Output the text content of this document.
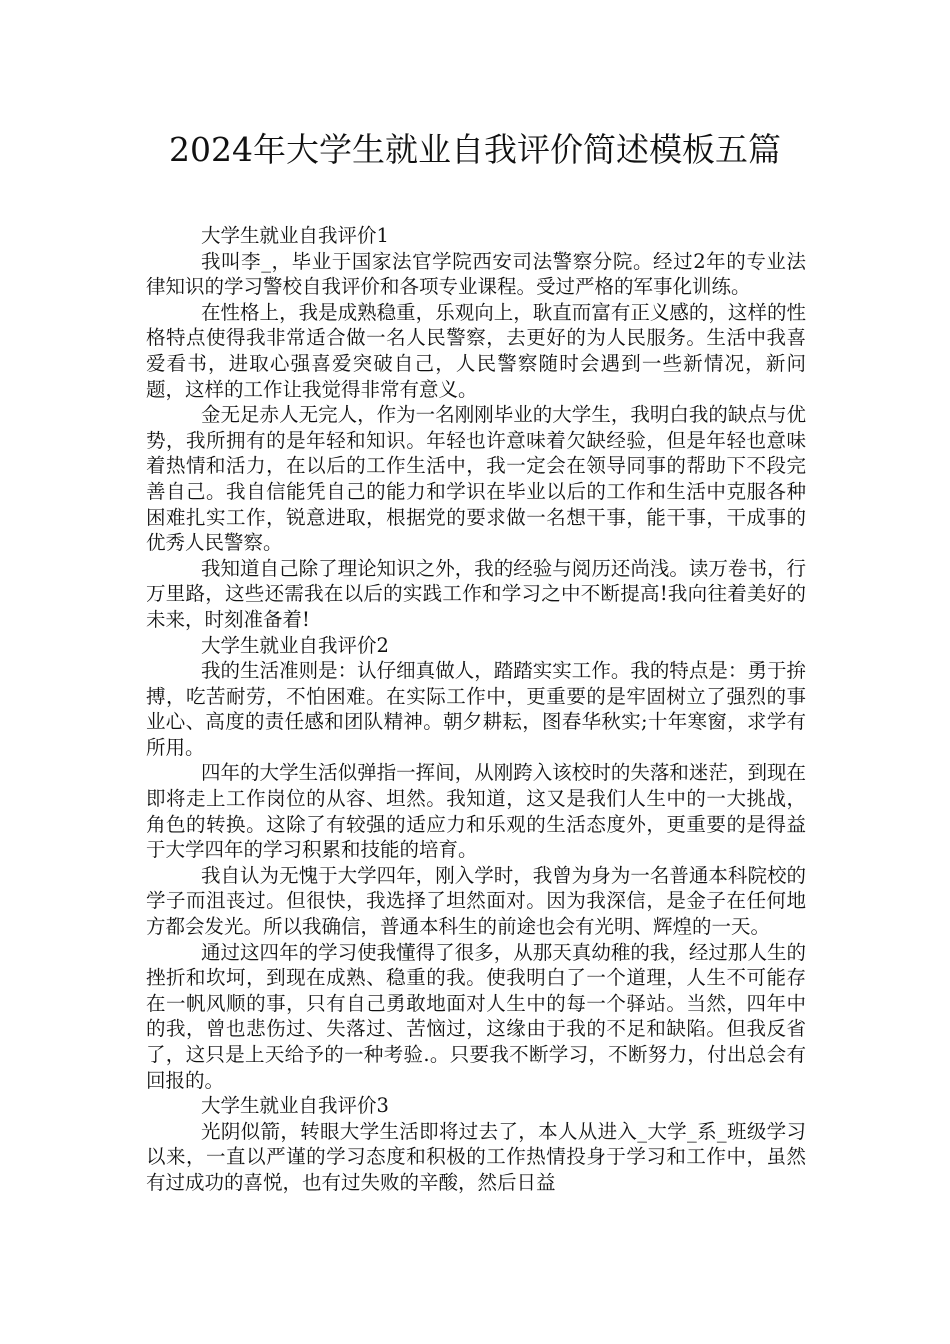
2024年大学生就业自我评价简述模板五篇

大学生就业自我评价1

我叫李_，毕业于国家法官学院西安司法警察分院。经过2年的专业法律知识的学习警校自我评价和各项专业课程。受过严格的军事化训练。

在性格上，我是成熟稳重，乐观向上，耿直而富有正义感的，这样的性格特点使得我非常适合做一名人民警察，去更好的为人民服务。生活中我喜爱看书，进取心强喜爱突破自己，人民警察随时会遇到一些新情况，新问题，这样的工作让我觉得非常有意义。

金无足赤人无完人，作为一名刚刚毕业的大学生，我明白我的缺点与优势，我所拥有的是年轻和知识。年轻也许意味着欠缺经验，但是年轻也意味着热情和活力，在以后的工作生活中，我一定会在领导同事的帮助下不段完善自己。我自信能凭自己的能力和学识在毕业以后的工作和生活中克服各种困难扎实工作，锐意进取，根据党的要求做一名想干事，能干事，干成事的优秀人民警察。

我知道自己除了理论知识之外，我的经验与阅历还尚浅。读万卷书，行万里路，这些还需我在以后的实践工作和学习之中不断提高!我向往着美好的未来，时刻准备着!

大学生就业自我评价2

我的生活准则是：认仔细真做人，踏踏实实工作。我的特点是：勇于拚搏，吃苦耐劳，不怕困难。在实际工作中，更重要的是牢固树立了强烈的事业心、高度的责任感和团队精神。朝夕耕耘，图春华秋实;十年寒窗，求学有所用。

四年的大学生活似弹指一挥间，从刚跨入该校时的失落和迷茫，到现在即将走上工作岗位的从容、坦然。我知道，这又是我们人生中的一大挑战，角色的转换。这除了有较强的适应力和乐观的生活态度外，更重要的是得益于大学四年的学习积累和技能的培育。

我自认为无愧于大学四年，刚入学时，我曾为身为一名普通本科院校的学子而沮丧过。但很快，我选择了坦然面对。因为我深信，是金子在任何地方都会发光。所以我确信，普通本科生的前途也会有光明、辉煌的一天。

通过这四年的学习使我懂得了很多，从那天真幼稚的我，经过那人生的挫折和坎坷，到现在成熟、稳重的我。使我明白了一个道理，人生不可能存在一帆风顺的事，只有自己勇敢地面对人生中的每一个驿站。当然，四年中的我，曾也悲伤过、失落过、苦恼过，这缘由于我的不足和缺陷。但我反省了，这只是上天给予的一种考验.。只要我不断学习，不断努力，付出总会有回报的。

大学生就业自我评价3

光阴似箭，转眼大学生活即将过去了，本人从进入_大学_系_班级学习以来，一直以严谨的学习态度和积极的工作热情投身于学习和工作中，虽然有过成功的喜悦，也有过失败的辛酸，然后日益
